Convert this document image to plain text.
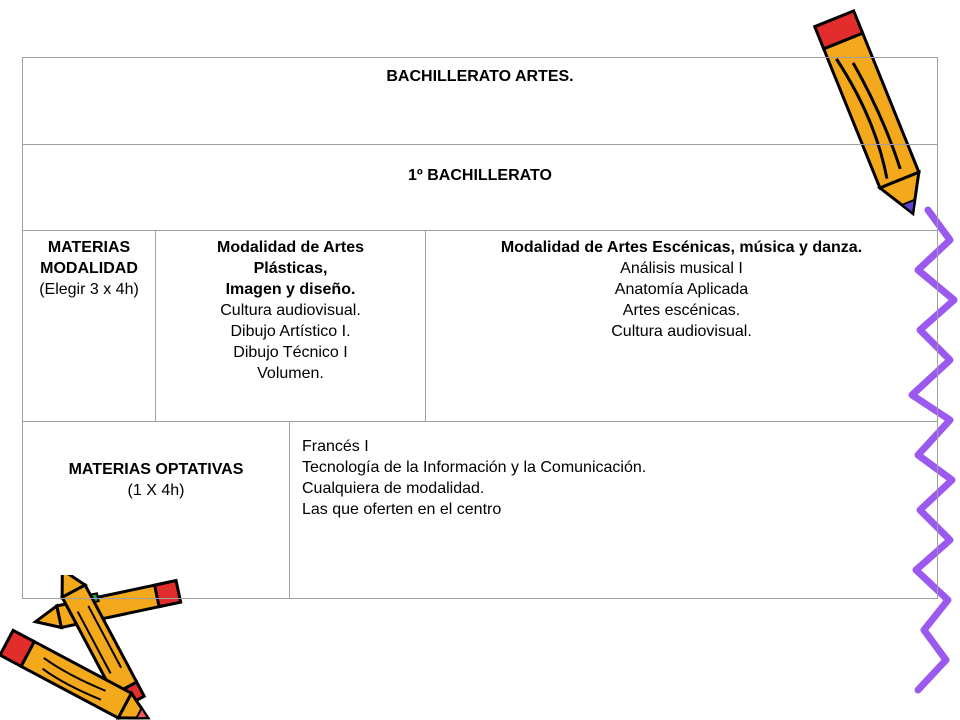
BACHILLERATO ARTES.
1º BACHILLERATO
MATERIAS
MODALIDAD
(Elegir 3 x 4h)
Modalidad de Artes Plásticas,
Imagen y diseño.
Cultura audiovisual.
Dibujo Artístico I.
Dibujo Técnico I
Volumen.
Modalidad de Artes Escénicas, música y danza.
Análisis musical I
Anatomía Aplicada
Artes escénicas.
Cultura audiovisual.
MATERIAS OPTATIVAS
(1 X 4h)
Francés I
Tecnología de la Información y la Comunicación.
Cualquiera de modalidad.
Las que oferten en el centro
